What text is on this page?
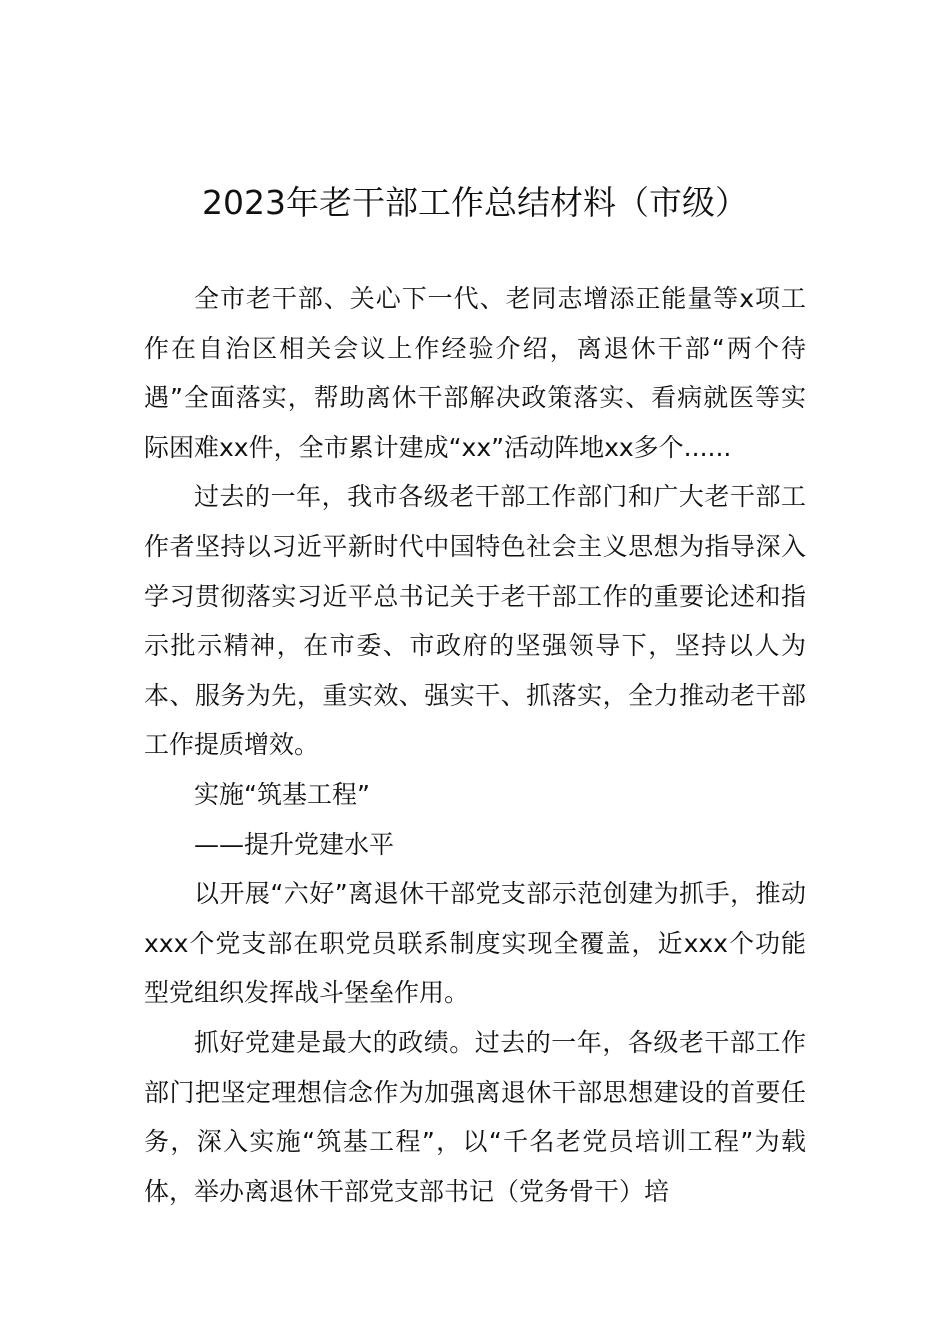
2023年老干部工作总结材料（市级）

全市老干部、关心下一代、老同志增添正能量等x项工作在自治区相关会议上作经验介绍，离退休干部“两个待遇”全面落实，帮助离休干部解决政策落实、看病就医等实际困难xx件，全市累计建成“xx”活动阵地xx多个......

过去的一年，我市各级老干部工作部门和广大老干部工作者坚持以习近平新时代中国特色社会主义思想为指导深入学习贯彻落实习近平总书记关于老干部工作的重要论述和指示批示精神，在市委、市政府的坚强领导下，坚持以人为本、服务为先，重实效、强实干、抓落实，全力推动老干部工作提质增效。

实施“筑基工程”

——提升党建水平

以开展“六好”离退休干部党支部示范创建为抓手，推动xxx个党支部在职党员联系制度实现全覆盖，近xxx个功能型党组织发挥战斗堡垒作用。

抓好党建是最大的政绩。过去的一年，各级老干部工作部门把坚定理想信念作为加强离退休干部思想建设的首要任务，深入实施“筑基工程”，以“千名老党员培训工程”为载体，举办离退休干部党支部书记（党务骨干）培
